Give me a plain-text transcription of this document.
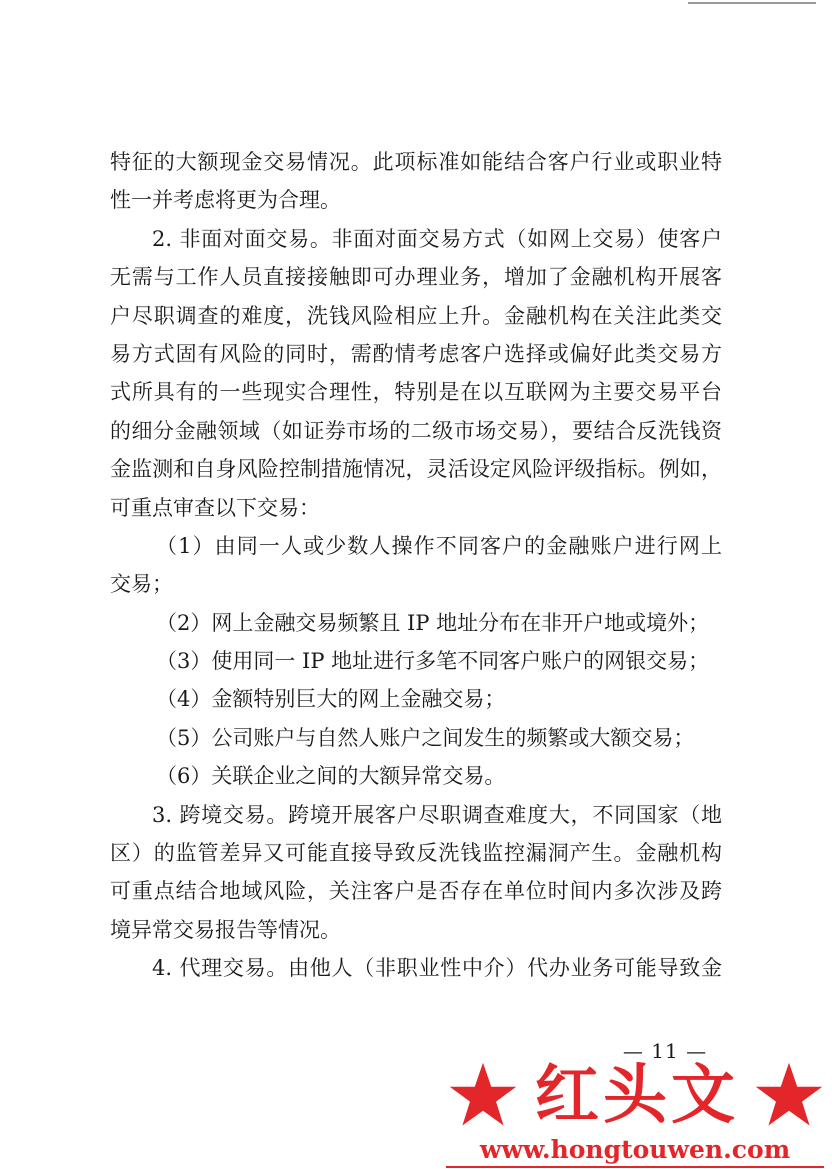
特征的大额现金交易情况。此项标准如能结合客户行业或职业特
性一并考虑将更为合理。
2. 非面对面交易。非面对面交易方式（如网上交易）使客户
无需与工作人员直接接触即可办理业务，增加了金融机构开展客
户尽职调查的难度，洗钱风险相应上升。金融机构在关注此类交
易方式固有风险的同时，需酌情考虑客户选择或偏好此类交易方
式所具有的一些现实合理性，特别是在以互联网为主要交易平台
的细分金融领域（如证券市场的二级市场交易），要结合反洗钱资
金监测和自身风险控制措施情况，灵活设定风险评级指标。例如，
可重点审查以下交易：
（1）由同一人或少数人操作不同客户的金融账户进行网上
交易；
（2）网上金融交易频繁且 IP 地址分布在非开户地或境外；
（3）使用同一 IP 地址进行多笔不同客户账户的网银交易；
（4）金额特别巨大的网上金融交易；
（5）公司账户与自然人账户之间发生的频繁或大额交易；
（6）关联企业之间的大额异常交易。
3. 跨境交易。跨境开展客户尽职调查难度大，不同国家（地
区）的监管差异又可能直接导致反洗钱监控漏洞产生。金融机构
可重点结合地域风险，关注客户是否存在单位时间内多次涉及跨
境异常交易报告等情况。
4. 代理交易。由他人（非职业性中介）代办业务可能导致金
— 11 —
红头文
www.hongtouwen.com
